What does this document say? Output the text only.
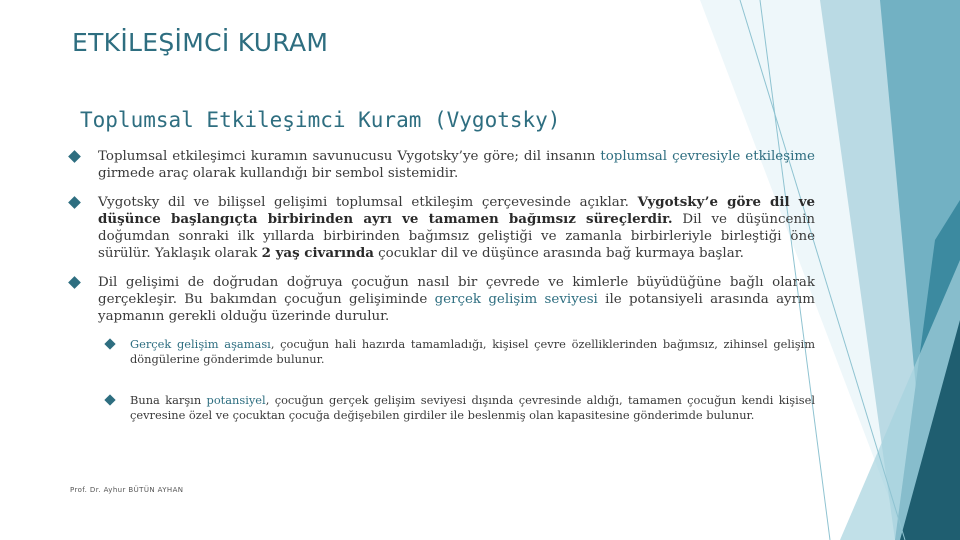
ETKİLEŞİMCİ KURAM
Toplumsal Etkileşimci Kuram (Vygotsky)
Toplumsal etkileşimci kuramın savunucusu Vygotsky’ye göre; dil insanın toplumsal çevresiyle etkileşime girmede araç olarak kullandığı bir sembol sistemidir.
Vygotsky dil ve bilişsel gelişimi toplumsal etkileşim çerçevesinde açıklar. Vygotsky’e göre dil ve düşünce başlangıçta birbirinden ayrı ve tamamen bağımsız süreçlerdir. Dil ve düşüncenin doğumdan sonraki ilk yıllarda birbirinden bağımsız geliştiği ve zamanla birbirleriyle birleştiği öne sürülür. Yaklaşık olarak 2 yaş civarında çocuklar dil ve düşünce arasında bağ kurmaya başlar.
Dil gelişimi de doğrudan doğruya çocuğun nasıl bir çevrede ve kimlerle büyüdüğüne bağlı olarak gerçekleşir. Bu bakımdan çocuğun gelişiminde gerçek gelişim seviyesi ile potansiyeli arasında ayrım yapmanın gerekli olduğu üzerinde durulur.
Gerçek gelişim aşaması, çocuğun hali hazırda tamamladığı, kişisel çevre özelliklerinden bağımsız, zihinsel gelişim döngülerine gönderimde bulunur.
Buna karşın potansiyel, çocuğun gerçek gelişim seviyesi dışında çevresinde aldığı, tamamen çocuğun kendi kişisel çevresine özel ve çocuktan çocuğa değişebilen girdiler ile beslenmiş olan kapasitesine gönderimde bulunur.
Prof. Dr. Ayhur BÜTÜN AYHAN
